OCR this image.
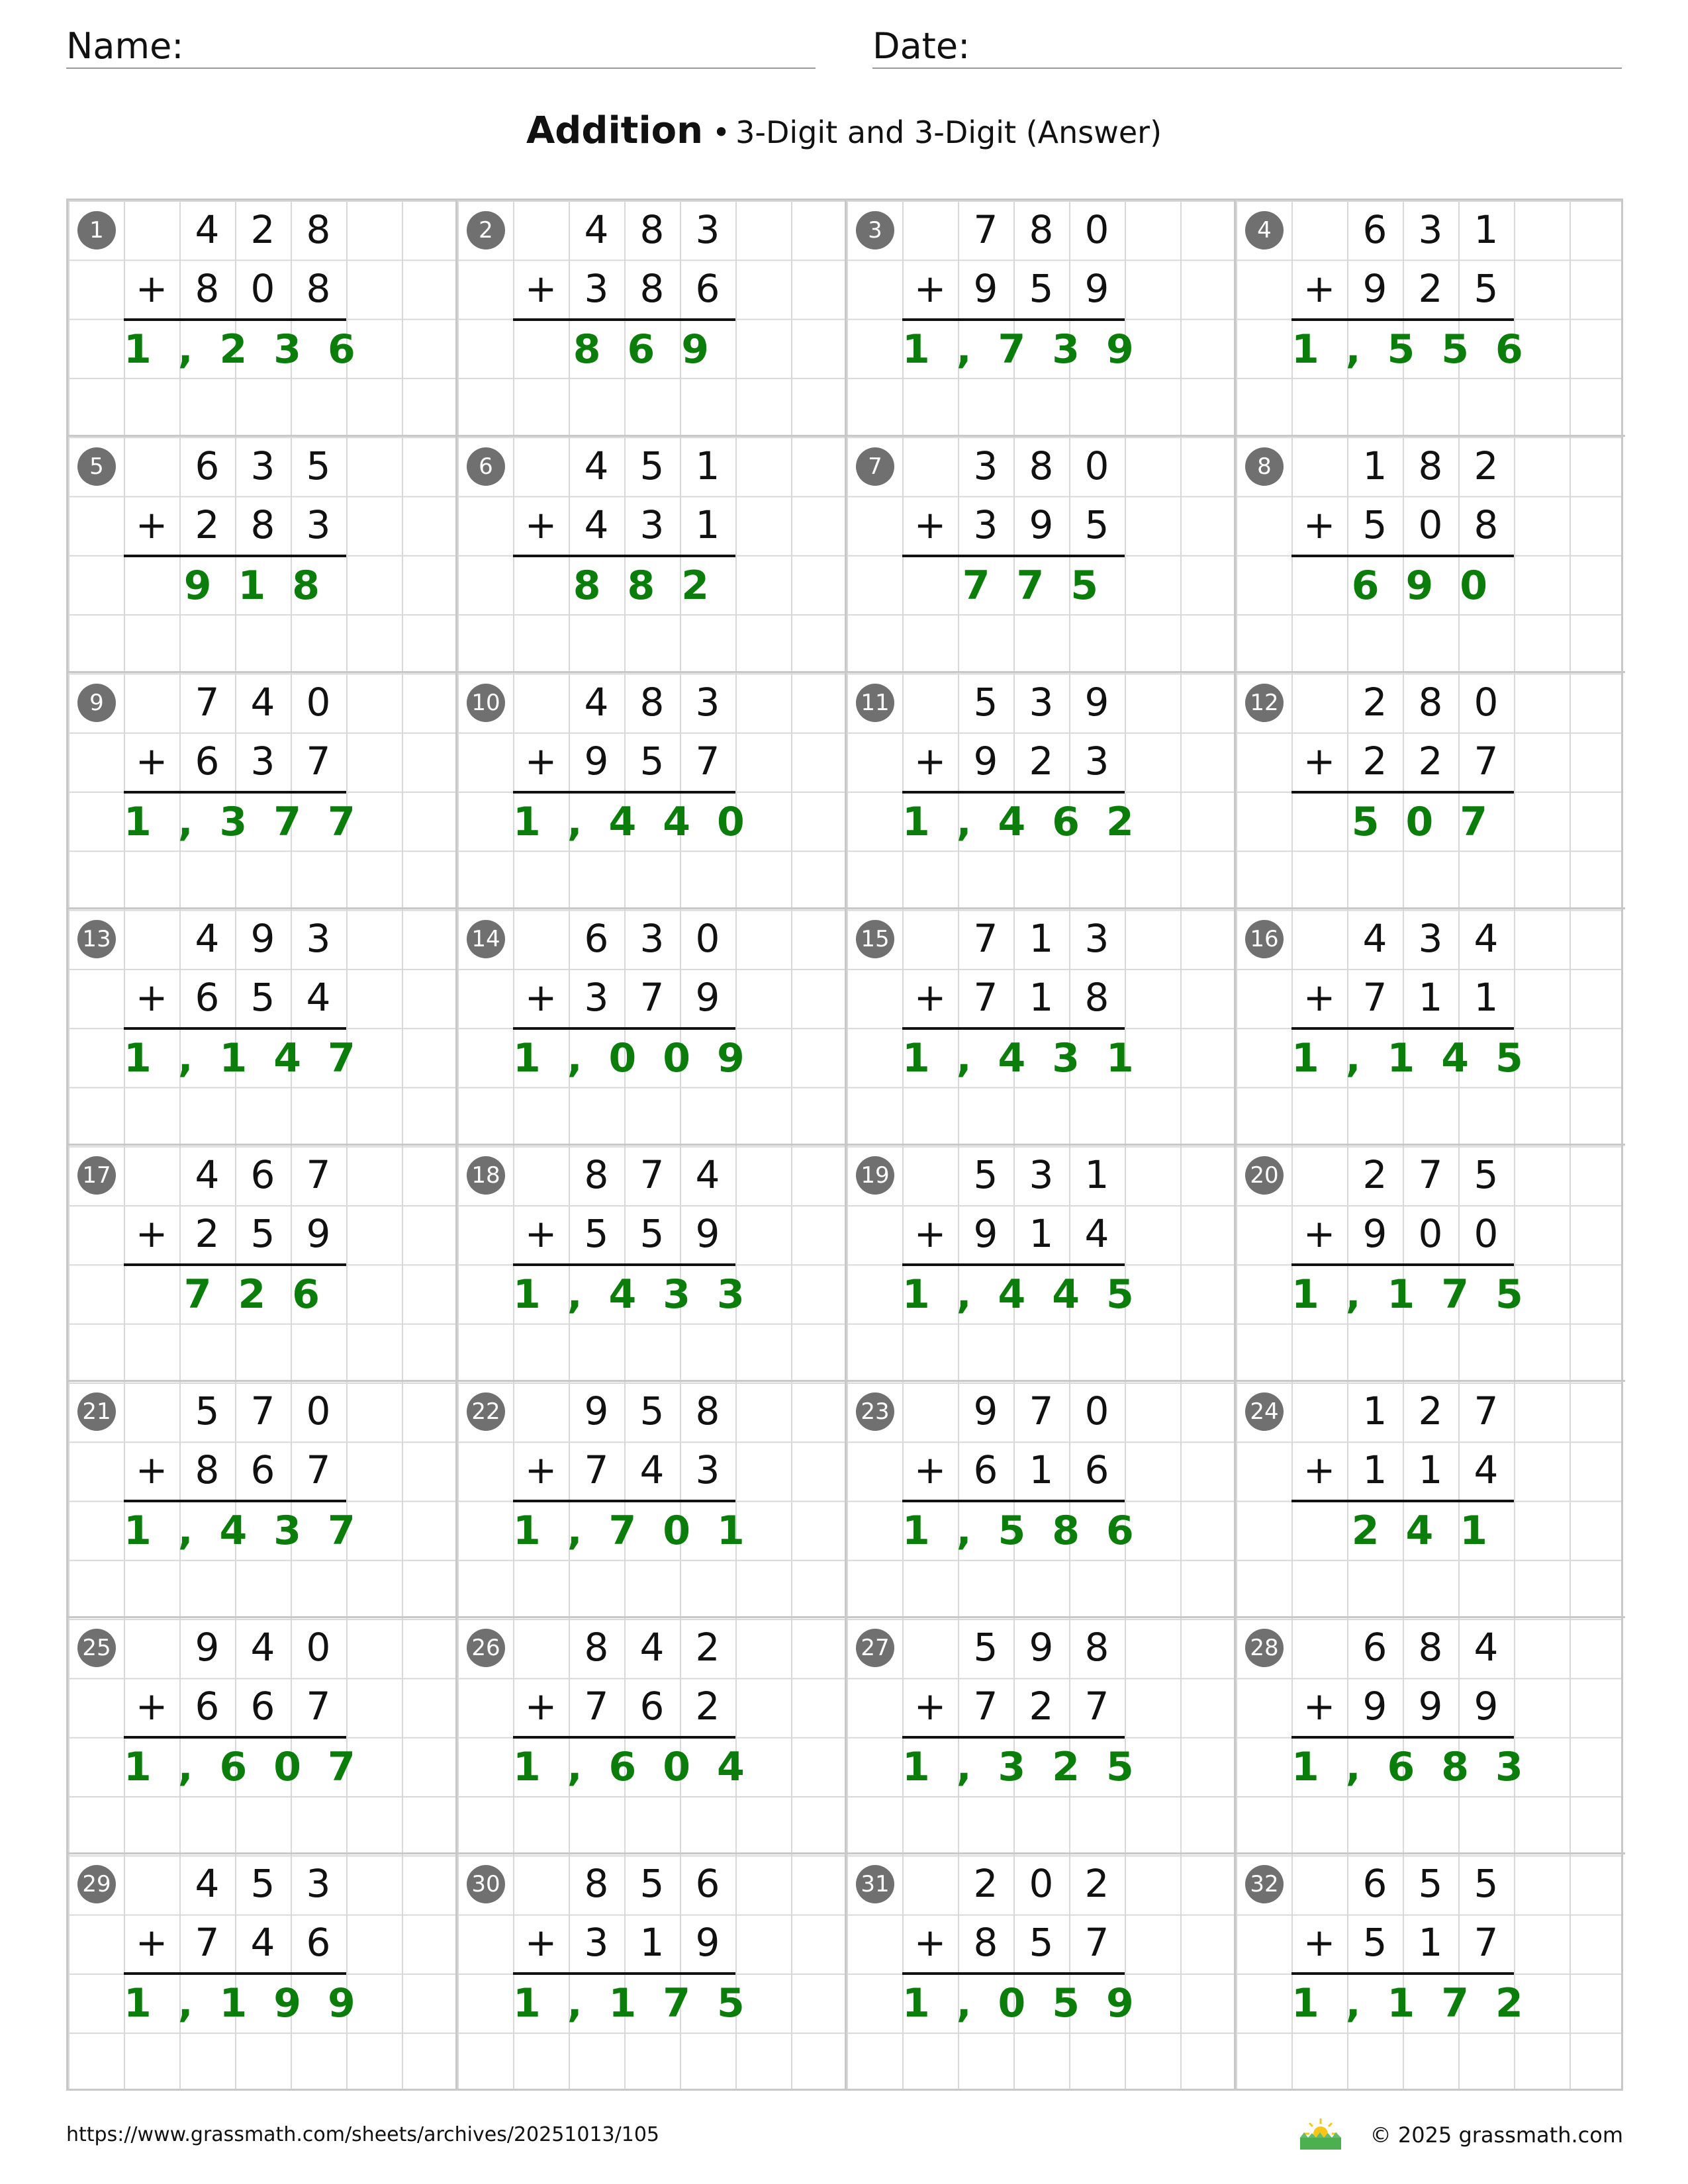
Name:	Date:
Addition • 3-Digit and 3-Digit (Answer)
1	4 2 8
+ 8 0 8
1,236
2	4 8 3
+ 3 8 6
869
3	7 8 0
+ 9 5 9
1,739
4	6 3 1
+ 9 2 5
1,556
5	6 3 5
+ 2 8 3
918
6	4 5 1
+ 4 3 1
882
7	3 8 0
+ 3 9 5
775
8	1 8 2
+ 5 0 8
690
9	7 4 0
+ 6 3 7
1,377
10	4 8 3
+ 9 5 7
1,440
11	5 3 9
+ 9 2 3
1,462
12	2 8 0
+ 2 2 7
507
13	4 9 3
+ 6 5 4
1,147
14	6 3 0
+ 3 7 9
1,009
15	7 1 3
+ 7 1 8
1,431
16	4 3 4
+ 7 1 1
1,145
17	4 6 7
+ 2 5 9
726
18	8 7 4
+ 5 5 9
1,433
19	5 3 1
+ 9 1 4
1,445
20	2 7 5
+ 9 0 0
1,175
21	5 7 0
+ 8 6 7
1,437
22	9 5 8
+ 7 4 3
1,701
23	9 7 0
+ 6 1 6
1,586
24	1 2 7
+ 1 1 4
241
25	9 4 0
+ 6 6 7
1,607
26	8 4 2
+ 7 6 2
1,604
27	5 9 8
+ 7 2 7
1,325
28	6 8 4
+ 9 9 9
1,683
29	4 5 3
+ 7 4 6
1,199
30	8 5 6
+ 3 1 9
1,175
31	2 0 2
+ 8 5 7
1,059
32	6 5 5
+ 5 1 7
1,172
https://www.grassmath.com/sheets/archives/20251013/105	© 2025 grassmath.com
